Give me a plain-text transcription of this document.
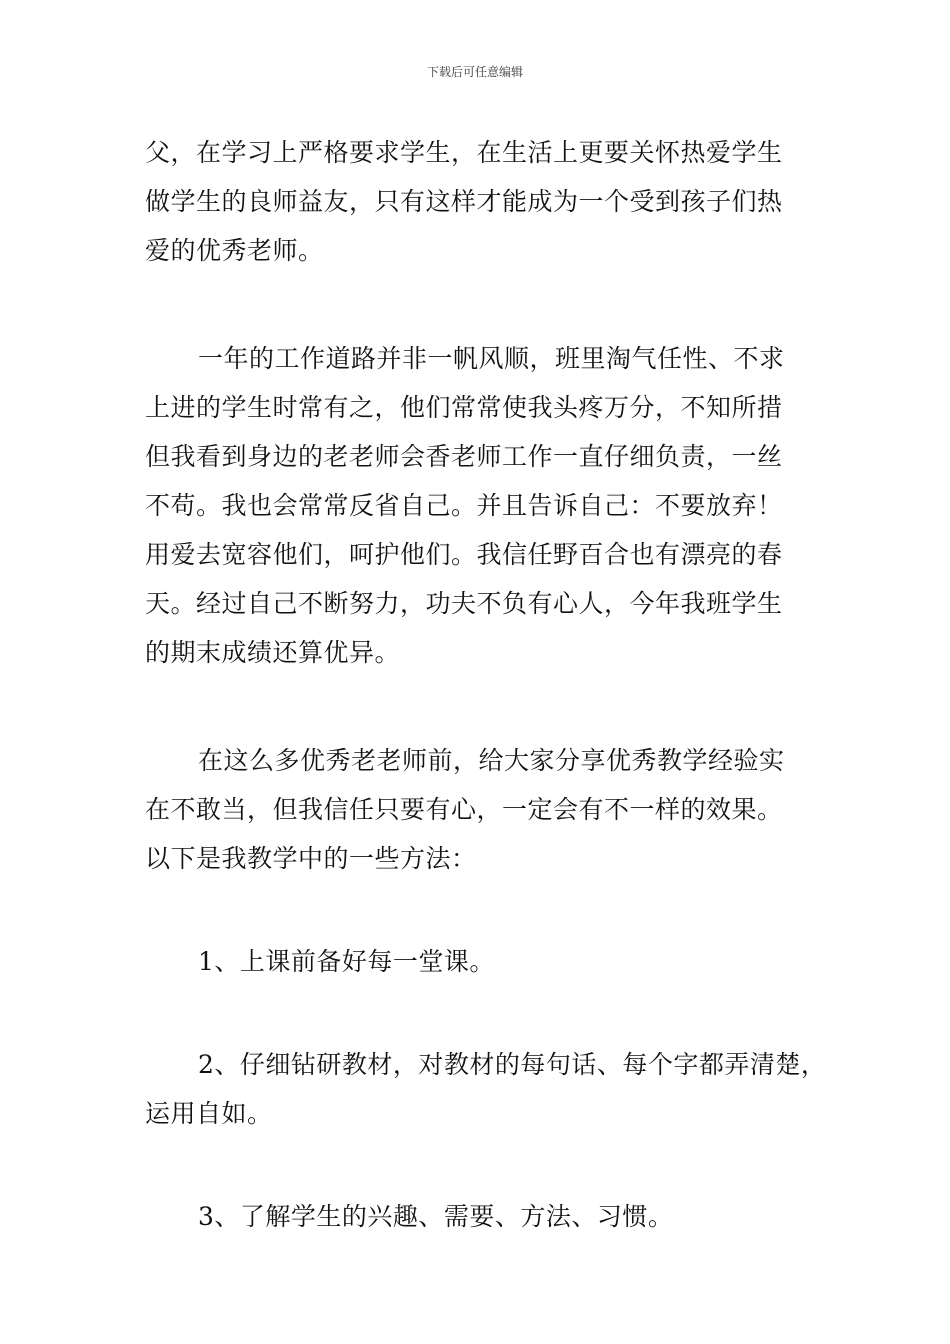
下载后可任意编辑
父，在学习上严格要求学生，在生活上更要关怀热爱学生
做学生的良师益友，只有这样才能成为一个受到孩子们热
爱的优秀老师。
一年的工作道路并非一帆风顺，班里淘气任性、不求
上进的学生时常有之，他们常常使我头疼万分，不知所措
但我看到身边的老老师会香老师工作一直仔细负责，一丝
不苟。我也会常常反省自己。并且告诉自己：不要放弃！
用爱去宽容他们，呵护他们。我信任野百合也有漂亮的春
天。经过自己不断努力，功夫不负有心人，今年我班学生
的期末成绩还算优异。
在这么多优秀老老师前，给大家分享优秀教学经验实
在不敢当，但我信任只要有心，一定会有不一样的效果。
以下是我教学中的一些方法：
1、上课前备好每一堂课。
2、仔细钻研教材，对教材的每句话、每个字都弄清楚，
运用自如。
3、了解学生的兴趣、需要、方法、习惯。
